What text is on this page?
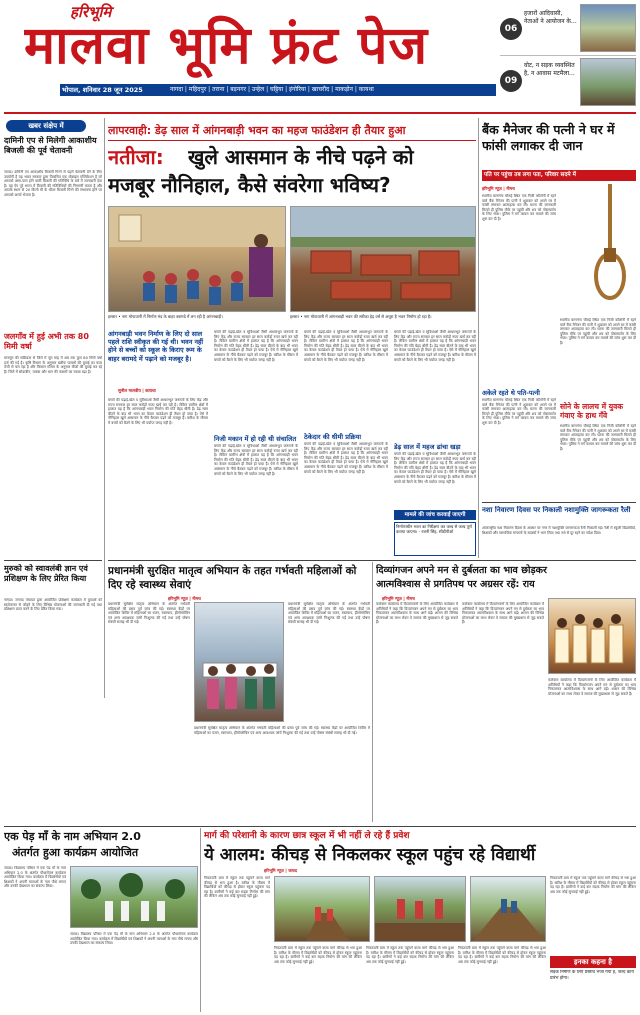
हरिभूमि
मालवा भूमि फ्रंट पेज
भोपाल, शनिवार 28 जून 2025	नागदा | महिदपुर | तराना | बड़नगर | उन्हेल | घट्टिया | इंगोरिया | खाचरौद | माकड़ोन | कायथा
06
हजारों आदिवासी, नेताओं ने आयोजन के...
09
वोट, न सड़क व्यवस्थित है, न आवास मटमैला...
खबर संक्षेप में
दामिनी एप से मिलेगी आकाशीय बिजली की पूर्व चेतावनी
जावद। दामिनी एप आकाशीय बिजली गिरने से पहले चेतावनी देने के लिए उपयोगी है यह भारत सरकार द्वारा विकसित एक मोबाइल एप्लिकेशन है जो आपको आस-पास होने वाली बिजली की गतिविधि के बारे में जानकारी देता है। यह ऐप पूरे भारत में बिजली की गतिविधियों की निगरानी करता है और आपके स्थान से 20 किलो मी के भीतर बिजली गिरने की संभावना होने पर आपको अलर्ट भेजता है।
जलगाँव में हुई अभी तक 80 मिमी वर्षा
मानसून की सक्रियता से जिले में जून माह में अब तक कुल 80 मिमी वर्षा दर्ज की गई है। कृषि विभाग के अनुसार खरीफ फसलों की बुवाई का काम तेजी से चल रहा है और किसान मौसम के अनुसार बीजों की बुवाई कर रहे हैं। जिले में सोयाबीन, मक्का और धान की फसलों का रकबा बढ़ा है।
मुरुको को स्वावलंबी ज्ञान एवं प्रशिक्षण के लिए प्रेरित किया
नागदा। जनपद पंचायत द्वारा आयोजित प्रशिक्षण कार्यक्रम में युवाओं को स्वरोजगार से जोड़ने के लिए विभिन्न योजनाओं की जानकारी दी गई तथा प्रशिक्षण प्राप्त करने के लिए प्रेरित किया गया।
लापरवाही: डेढ़ साल में आंगनबाड़ी भवन का महज फाउंडेशन ही तैयार हुआ
नतीजा: खुले आसमान के नीचे पढ़ने को
मजबूर नौनिहाल, कैसे संवरेगा भविष्य?
इसरार • नाग मोयावानी में निर्माण मंद के बाहर बरामदे में लग रही है आंगनबाड़ी।	इसरार • नाग मोयावानी में आंगनबाड़ी भवन की सरीका हेड़ वर्ष से अधूरा है भवन निर्माण हो रहा है।
आंगनबाड़ी भवन निर्माण के लिए दो साल पहले राशि स्वीकृत की गई थी। भवन नहीं होने से बच्चों को स्कूल के किराए रूम के बाहर बरामदे में पढ़ाने को मजबूर है।
सुनील मालवीय | कायथा
बच्चों की पढ़ाई-खेल व सुविधाओं जैसी आधारभूत जरूरतों के लिए केंद्र और राज्य सरकार हर साल करोड़ों रुपए खर्च कर रही है। लेकिन ग्रामीण क्षेत्रों में हालात यह है कि आंगनबाड़ी भवन निर्माण की गति बेहद धीमी है। डेढ़ साल बीतने के बाद भी भवन का केवल फाउंडेशन ही तैयार हो पाया है। ऐसे में नौनिहाल खुले आसमान के नीचे बैठकर पढ़ने को मजबूर हैं। बारिश के मौसम में बच्चों को बैठने के लिए भी पर्याप्त जगह नहीं है।
बच्चों की पढ़ाई-खेल व सुविधाओं जैसी आधारभूत जरूरतों के लिए केंद्र और राज्य सरकार हर साल करोड़ों रुपए खर्च कर रही है। लेकिन ग्रामीण क्षेत्रों में हालात यह है कि आंगनबाड़ी भवन निर्माण की गति बेहद धीमी है। डेढ़ साल बीतने के बाद भी भवन का केवल फाउंडेशन ही तैयार हो पाया है। ऐसे में नौनिहाल खुले आसमान के नीचे बैठकर पढ़ने को मजबूर हैं। बारिश के मौसम में बच्चों को बैठने के लिए भी पर्याप्त जगह नहीं है।
निजी मकान में हो रही थी संचालित
बच्चों की पढ़ाई-खेल व सुविधाओं जैसी आधारभूत जरूरतों के लिए केंद्र और राज्य सरकार हर साल करोड़ों रुपए खर्च कर रही है। लेकिन ग्रामीण क्षेत्रों में हालात यह है कि आंगनबाड़ी भवन निर्माण की गति बेहद धीमी है। डेढ़ साल बीतने के बाद भी भवन का केवल फाउंडेशन ही तैयार हो पाया है। ऐसे में नौनिहाल खुले आसमान के नीचे बैठकर पढ़ने को मजबूर हैं। बारिश के मौसम में बच्चों को बैठने के लिए भी पर्याप्त जगह नहीं है।
बच्चों की पढ़ाई-खेल व सुविधाओं जैसी आधारभूत जरूरतों के लिए केंद्र और राज्य सरकार हर साल करोड़ों रुपए खर्च कर रही है। लेकिन ग्रामीण क्षेत्रों में हालात यह है कि आंगनबाड़ी भवन निर्माण की गति बेहद धीमी है। डेढ़ साल बीतने के बाद भी भवन का केवल फाउंडेशन ही तैयार हो पाया है। ऐसे में नौनिहाल खुले आसमान के नीचे बैठकर पढ़ने को मजबूर हैं। बारिश के मौसम में बच्चों को बैठने के लिए भी पर्याप्त जगह नहीं है।
ठेकेदार की धीमी प्रक्रिया
बच्चों की पढ़ाई-खेल व सुविधाओं जैसी आधारभूत जरूरतों के लिए केंद्र और राज्य सरकार हर साल करोड़ों रुपए खर्च कर रही है। लेकिन ग्रामीण क्षेत्रों में हालात यह है कि आंगनबाड़ी भवन निर्माण की गति बेहद धीमी है। डेढ़ साल बीतने के बाद भी भवन का केवल फाउंडेशन ही तैयार हो पाया है। ऐसे में नौनिहाल खुले आसमान के नीचे बैठकर पढ़ने को मजबूर हैं। बारिश के मौसम में बच्चों को बैठने के लिए भी पर्याप्त जगह नहीं है।
बच्चों की पढ़ाई-खेल व सुविधाओं जैसी आधारभूत जरूरतों के लिए केंद्र और राज्य सरकार हर साल करोड़ों रुपए खर्च कर रही है। लेकिन ग्रामीण क्षेत्रों में हालात यह है कि आंगनबाड़ी भवन निर्माण की गति बेहद धीमी है। डेढ़ साल बीतने के बाद भी भवन का केवल फाउंडेशन ही तैयार हो पाया है। ऐसे में नौनिहाल खुले आसमान के नीचे बैठकर पढ़ने को मजबूर हैं। बारिश के मौसम में बच्चों को बैठने के लिए भी पर्याप्त जगह नहीं है।
डेढ़ साल में महज ढांचा खड़ा
बच्चों की पढ़ाई-खेल व सुविधाओं जैसी आधारभूत जरूरतों के लिए केंद्र और राज्य सरकार हर साल करोड़ों रुपए खर्च कर रही है। लेकिन ग्रामीण क्षेत्रों में हालात यह है कि आंगनबाड़ी भवन निर्माण की गति बेहद धीमी है। डेढ़ साल बीतने के बाद भी भवन का केवल फाउंडेशन ही तैयार हो पाया है। ऐसे में नौनिहाल खुले आसमान के नीचे बैठकर पढ़ने को मजबूर हैं। बारिश के मौसम में बच्चों को बैठने के लिए भी पर्याप्त जगह नहीं है।
मामले की जांच करवाई जाएगी
निर्माणाधीन भवन का निरीक्षण कर जल्द से जल्द पूर्ण कराया जाएगा। - रजनी सिंह, सीडीपीओ
बैंक मैनेजर की पत्नी ने घर में फांसी लगाकर दी जान
पति पर पहुंचा तब लगा पता, परिवार सदमे में
हरिभूमि न्यूज़ | नीमच
स्थानीय बाणगंगा चौराहे स्थित एक निजी कॉलोनी में रहने वाले बैंक मैनेजर की पत्नी ने शुक्रवार को अपने घर में फांसी लगाकर आत्महत्या कर ली। घटना की जानकारी मिलते ही पुलिस मौके पर पहुंची और शव को पोस्टमार्टम के लिए भेजा। पुलिस ने मर्ग कायम कर मामले की जांच शुरू कर दी है।
अकेले रहते थे पति-पत्नी
स्थानीय बाणगंगा चौराहे स्थित एक निजी कॉलोनी में रहने वाले बैंक मैनेजर की पत्नी ने शुक्रवार को अपने घर में फांसी लगाकर आत्महत्या कर ली। घटना की जानकारी मिलते ही पुलिस मौके पर पहुंची और शव को पोस्टमार्टम के लिए भेजा। पुलिस ने मर्ग कायम कर मामले की जांच शुरू कर दी है।
स्थानीय बाणगंगा चौराहे स्थित एक निजी कॉलोनी में रहने वाले बैंक मैनेजर की पत्नी ने शुक्रवार को अपने घर में फांसी लगाकर आत्महत्या कर ली। घटना की जानकारी मिलते ही पुलिस मौके पर पहुंची और शव को पोस्टमार्टम के लिए भेजा। पुलिस ने मर्ग कायम कर मामले की जांच शुरू कर दी है।
सोने के लालच में युवक गंवाए के हाथ गँवे
स्थानीय बाणगंगा चौराहे स्थित एक निजी कॉलोनी में रहने वाले बैंक मैनेजर की पत्नी ने शुक्रवार को अपने घर में फांसी लगाकर आत्महत्या कर ली। घटना की जानकारी मिलते ही पुलिस मौके पर पहुंची और शव को पोस्टमार्टम के लिए भेजा। पुलिस ने मर्ग कायम कर मामले की जांच शुरू कर दी है।
नशा निवारण दिवस पर निकाली नशामुक्ति जागरूकता रैली
अंतरराष्ट्रीय नशा निवारण दिवस के अवसर पर नगर में नशामुक्ति जागरूकता रैली निकाली गई। रैली में स्कूली विद्यार्थियों, शिक्षकों और सामाजिक संगठनों के सदस्यों ने भाग लिया तथा नशे से दूर रहने का संदेश दिया।
प्रधानमंत्री सुरक्षित मातृत्व अभियान के तहत गर्भवती महिलाओं को दिए रहे स्वास्थ्य सेवाएं
हरिभूमि न्यूज़ | नीमच
प्रधानमंत्री सुरक्षित मातृत्व अभियान के अंतर्गत गर्भवती महिलाओं की प्रसव पूर्व जांच की गई। स्वास्थ्य केंद्रों पर आयोजित शिविर में महिलाओं का वजन, रक्तचाप, हीमोग्लोबिन एवं अन्य आवश्यक जांचें निःशुल्क की गईं तथा उन्हें पोषण संबंधी सलाह भी दी गई।
प्रधानमंत्री सुरक्षित मातृत्व अभियान के अंतर्गत गर्भवती महिलाओं की प्रसव पूर्व जांच की गई। स्वास्थ्य केंद्रों पर आयोजित शिविर में महिलाओं का वजन, रक्तचाप, हीमोग्लोबिन एवं अन्य आवश्यक जांचें निःशुल्क की गईं तथा उन्हें पोषण संबंधी सलाह भी दी गई।
प्रधानमंत्री सुरक्षित मातृत्व अभियान के अंतर्गत गर्भवती महिलाओं की प्रसव पूर्व जांच की गई। स्वास्थ्य केंद्रों पर आयोजित शिविर में महिलाओं का वजन, रक्तचाप, हीमोग्लोबिन एवं अन्य आवश्यक जांचें निःशुल्क की गईं तथा उन्हें पोषण संबंधी सलाह भी दी गई।
दिव्यांगजन अपने मन से दुर्बलता का भाव छोड़कर
आत्मविश्वास से प्रगतिपथ पर अग्रसर रहें: राय
हरिभूमि न्यूज़ | नीमच
कलेक्टर कार्यालय में दिव्यांगजनों के लिए आयोजित कार्यक्रम में अतिथियों ने कहा कि दिव्यांगजन अपने मन से दुर्बलता का भाव निकालकर आत्मविश्वास के साथ आगे बढ़ें। शासन की विभिन्न योजनाओं का लाभ लेकर वे समाज की मुख्यधारा से जुड़ सकते हैं।
कलेक्टर कार्यालय में दिव्यांगजनों के लिए आयोजित कार्यक्रम में अतिथियों ने कहा कि दिव्यांगजन अपने मन से दुर्बलता का भाव निकालकर आत्मविश्वास के साथ आगे बढ़ें। शासन की विभिन्न योजनाओं का लाभ लेकर वे समाज की मुख्यधारा से जुड़ सकते हैं।
कलेक्टर कार्यालय में दिव्यांगजनों के लिए आयोजित कार्यक्रम में अतिथियों ने कहा कि दिव्यांगजन अपने मन से दुर्बलता का भाव निकालकर आत्मविश्वास के साथ आगे बढ़ें। शासन की विभिन्न योजनाओं का लाभ लेकर वे समाज की मुख्यधारा से जुड़ सकते हैं।
एक पेड़ माँ के नाम अभियान 2.0
अंतर्गत हुआ कार्यक्रम आयोजित
जावद। विद्यालय परिसर में एक पेड़ माँ के नाम अभियान 2.0 के अंतर्गत पौधारोपण कार्यक्रम आयोजित किया गया। कार्यक्रम में विद्यार्थियों एवं शिक्षकों ने अपनी माताओं के नाम पौधे लगाए और उनकी देखभाल का संकल्प लिया।
जावद। विद्यालय परिसर में एक पेड़ माँ के नाम अभियान 2.0 के अंतर्गत पौधारोपण कार्यक्रम आयोजित किया गया। कार्यक्रम में विद्यार्थियों एवं शिक्षकों ने अपनी माताओं के नाम पौधे लगाए और उनकी देखभाल का संकल्प लिया।
मार्ग की परेशानी के कारण छात्र स्कूल में भी नहीं ले रहे हैं प्रवेश
ये आलम: कीचड़ से निकलकर स्कूल पहुंच रहे विद्यार्थी
हरिभूमि न्यूज़ | जावद
निकटवर्ती ग्राम में स्कूल तक पहुंचने वाला मार्ग कीचड़ से भरा हुआ है। बारिश के मौसम में विद्यार्थियों को कीचड़ से होकर स्कूल पहुंचना पड़ रहा है। ग्रामीणों ने कई बार सड़क निर्माण की मांग की लेकिन अब तक कोई सुनवाई नहीं हुई।
निकटवर्ती ग्राम में स्कूल तक पहुंचने वाला मार्ग कीचड़ से भरा हुआ है। बारिश के मौसम में विद्यार्थियों को कीचड़ से होकर स्कूल पहुंचना पड़ रहा है। ग्रामीणों ने कई बार सड़क निर्माण की मांग की लेकिन अब तक कोई सुनवाई नहीं हुई।
निकटवर्ती ग्राम में स्कूल तक पहुंचने वाला मार्ग कीचड़ से भरा हुआ है। बारिश के मौसम में विद्यार्थियों को कीचड़ से होकर स्कूल पहुंचना पड़ रहा है। ग्रामीणों ने कई बार सड़क निर्माण की मांग की लेकिन अब तक कोई सुनवाई नहीं हुई।
निकटवर्ती ग्राम में स्कूल तक पहुंचने वाला मार्ग कीचड़ से भरा हुआ है। बारिश के मौसम में विद्यार्थियों को कीचड़ से होकर स्कूल पहुंचना पड़ रहा है। ग्रामीणों ने कई बार सड़क निर्माण की मांग की लेकिन अब तक कोई सुनवाई नहीं हुई।
निकटवर्ती ग्राम में स्कूल तक पहुंचने वाला मार्ग कीचड़ से भरा हुआ है। बारिश के मौसम में विद्यार्थियों को कीचड़ से होकर स्कूल पहुंचना पड़ रहा है। ग्रामीणों ने कई बार सड़क निर्माण की मांग की लेकिन अब तक कोई सुनवाई नहीं हुई।
इनका कहना है
सड़क निर्माण के लिए प्रस्ताव भेजा गया है, जल्द कार्य प्रारंभ होगा।
